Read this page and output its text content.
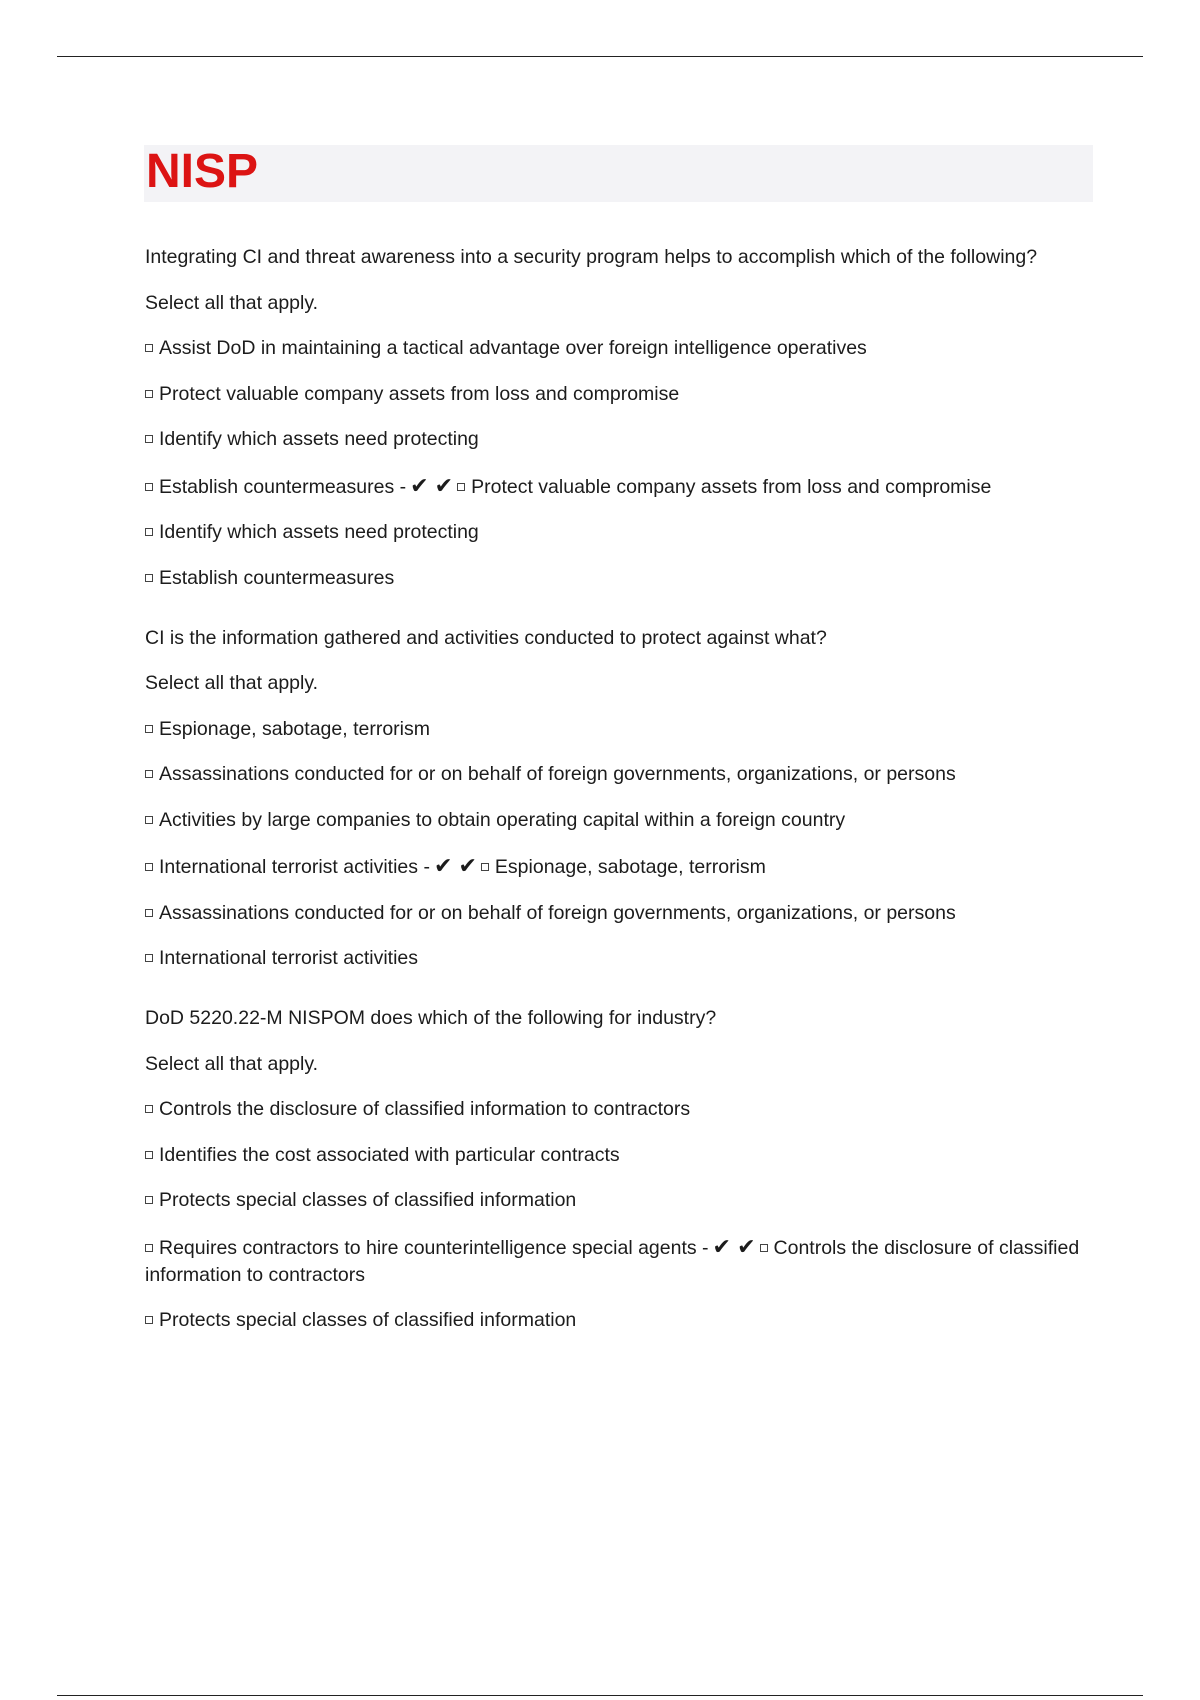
NISP

Integrating CI and threat awareness into a security program helps to accomplish which of the following?

Select all that apply.

Assist DoD in maintaining a tactical advantage over foreign intelligence operatives

Protect valuable company assets from loss and compromise

Identify which assets need protecting

Establish countermeasures - ✔ ✔ Protect valuable company assets from loss and compromise

Identify which assets need protecting

Establish countermeasures

CI is the information gathered and activities conducted to protect against what?

Select all that apply.

Espionage, sabotage, terrorism

Assassinations conducted for or on behalf of foreign governments, organizations, or persons

Activities by large companies to obtain operating capital within a foreign country

International terrorist activities - ✔ ✔ Espionage, sabotage, terrorism

Assassinations conducted for or on behalf of foreign governments, organizations, or persons

International terrorist activities

DoD 5220.22-M NISPOM does which of the following for industry?

Select all that apply.

Controls the disclosure of classified information to contractors

Identifies the cost associated with particular contracts

Protects special classes of classified information

Requires contractors to hire counterintelligence special agents - ✔ ✔ Controls the disclosure of classified information to contractors

Protects special classes of classified information
